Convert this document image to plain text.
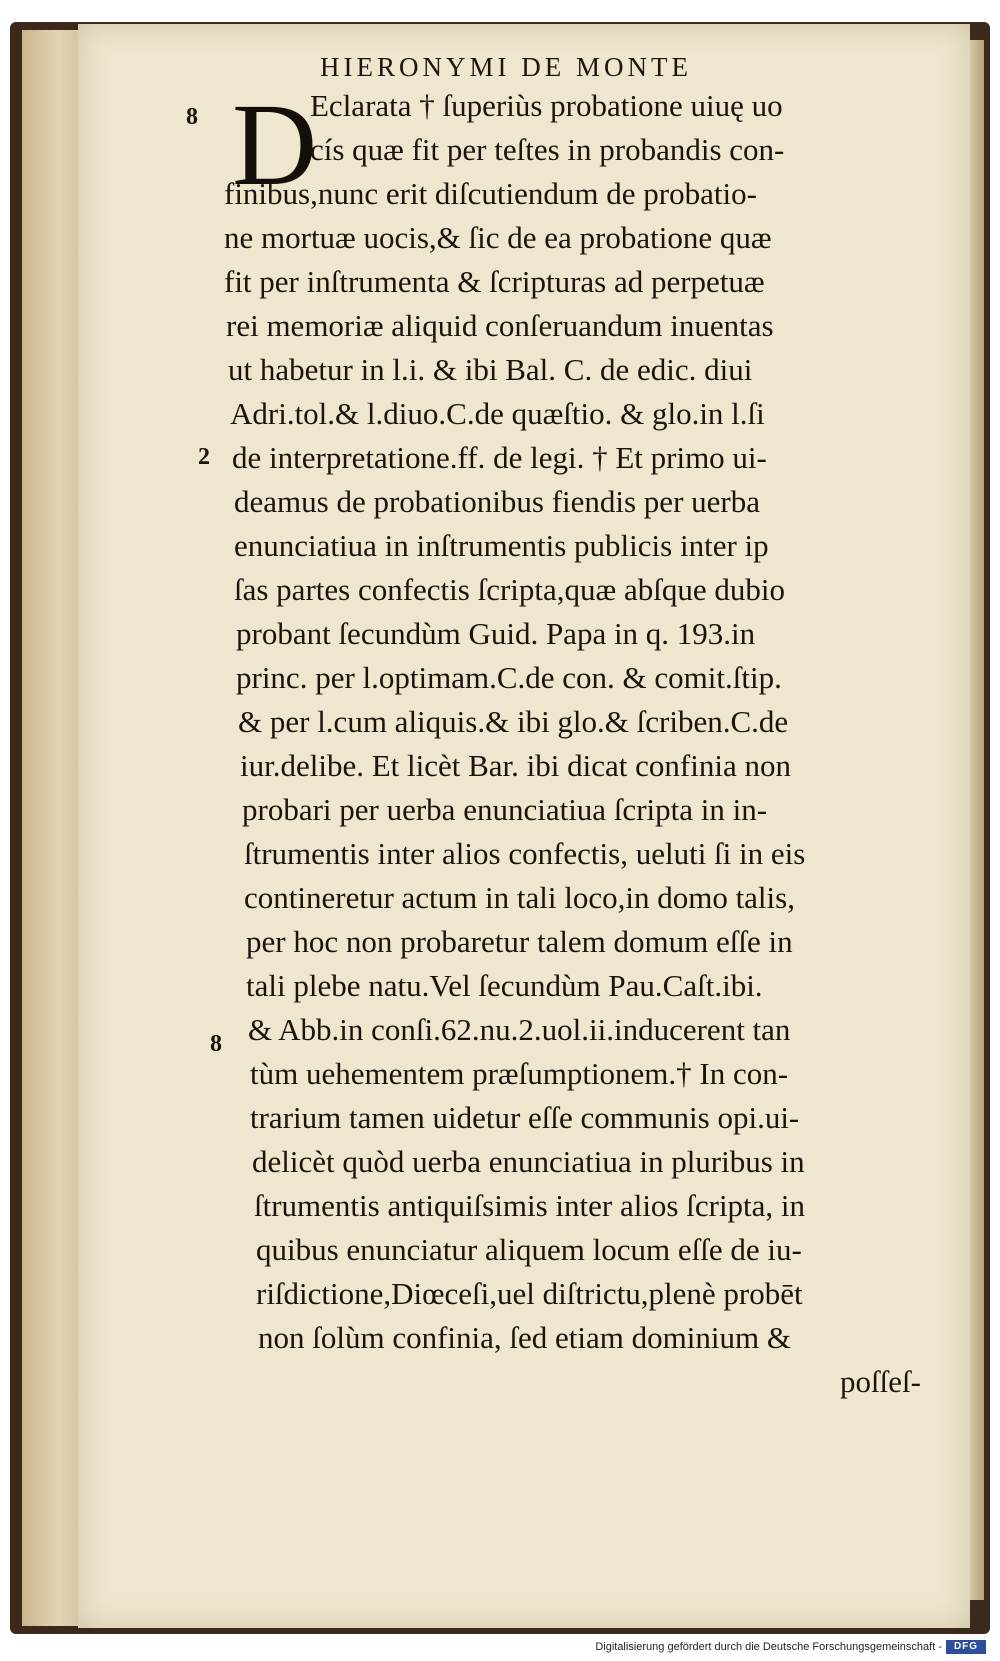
HIERONYMI DE MONTE
D
8
2
8
Eclarata † ſuperiùs probatione uiuę uo
cís quæ fit per teſtes in probandis con-
finibus,nunc erit diſcutiendum de probatio-
ne mortuæ uocis,& ſic de ea probatione quæ
fit per inſtrumenta & ſcripturas ad perpetuæ
rei memoriæ aliquid conſeruandum inuentas
ut habetur in l.i. & ibi Bal. C. de edic. diui
Adri.tol.& l.diuo.C.de quæſtio. & glo.in l.ſi
de interpretatione.ff. de legi. † Et primo ui-
deamus de probationibus fiendis per uerba
enunciatiua in inſtrumentis publicis inter ip
ſas partes confectis ſcripta,quæ abſque dubio
probant ſecundùm Guid. Papa in q. 193.in
princ. per l.optimam.C.de con. & comit.ſtip.
& per l.cum aliquis.& ibi glo.& ſcriben.C.de
iur.delibe. Et licèt Bar. ibi dicat confinia non
probari per uerba enunciatiua ſcripta in in-
ſtrumentis inter alios confectis, ueluti ſi in eis
contineretur actum in tali loco,in domo talis,
per hoc non probaretur talem domum eſſe in
tali plebe natu.Vel ſecundùm Pau.Caſt.ibi.
& Abb.in conſi.62.nu.2.uol.ii.inducerent tan
tùm uehementem præſumptionem.† In con-
trarium tamen uidetur eſſe communis opi.ui-
delicèt quòd uerba enunciatiua in pluribus in
ſtrumentis antiquiſsimis inter alios ſcripta, in
quibus enunciatur aliquem locum eſſe de iu-
riſdictione,Diœceſi,uel diſtrictu,plenè probēt
non ſolùm confinia, ſed etiam dominium &
poſſeſ-
Digitalisierung gefördert durch die Deutsche Forschungsgemeinschaft -	DFG
